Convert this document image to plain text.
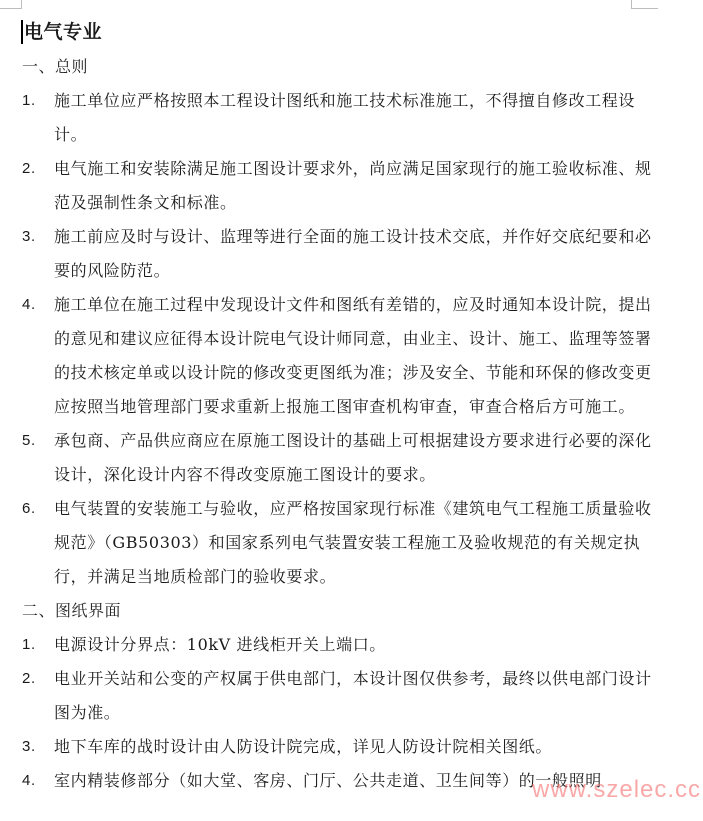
电气专业
一、总则
1. 施工单位应严格按照本工程设计图纸和施工技术标准施工，不得擅自修改工程设计。
2. 电气施工和安装除满足施工图设计要求外，尚应满足国家现行的施工验收标准、规范及强制性条文和标准。
3. 施工前应及时与设计、监理等进行全面的施工设计技术交底，并作好交底纪要和必要的风险防范。
4. 施工单位在施工过程中发现设计文件和图纸有差错的，应及时通知本设计院，提出的意见和建议应征得本设计院电气设计师同意，由业主、设计、施工、监理等签署的技术核定单或以设计院的修改变更图纸为准；涉及安全、节能和环保的修改变更应按照当地管理部门要求重新上报施工图审查机构审查，审查合格后方可施工。
5. 承包商、产品供应商应在原施工图设计的基础上可根据建设方要求进行必要的深化设计，深化设计内容不得改变原施工图设计的要求。
6. 电气装置的安装施工与验收，应严格按国家现行标准《建筑电气工程施工质量验收规范》（GB50303）和国家系列电气装置安装工程施工及验收规范的有关规定执行，并满足当地质检部门的验收要求。
二、图纸界面
1. 电源设计分界点：10kV 进线柜开关上端口。
2. 电业开关站和公变的产权属于供电部门，本设计图仅供参考，最终以供电部门设计图为准。
3. 地下车库的战时设计由人防设计院完成，详见人防设计院相关图纸。
4. 室内精装修部分（如大堂、客房、门厅、公共走道、卫生间等）的一般照明
www.szelec.cc
